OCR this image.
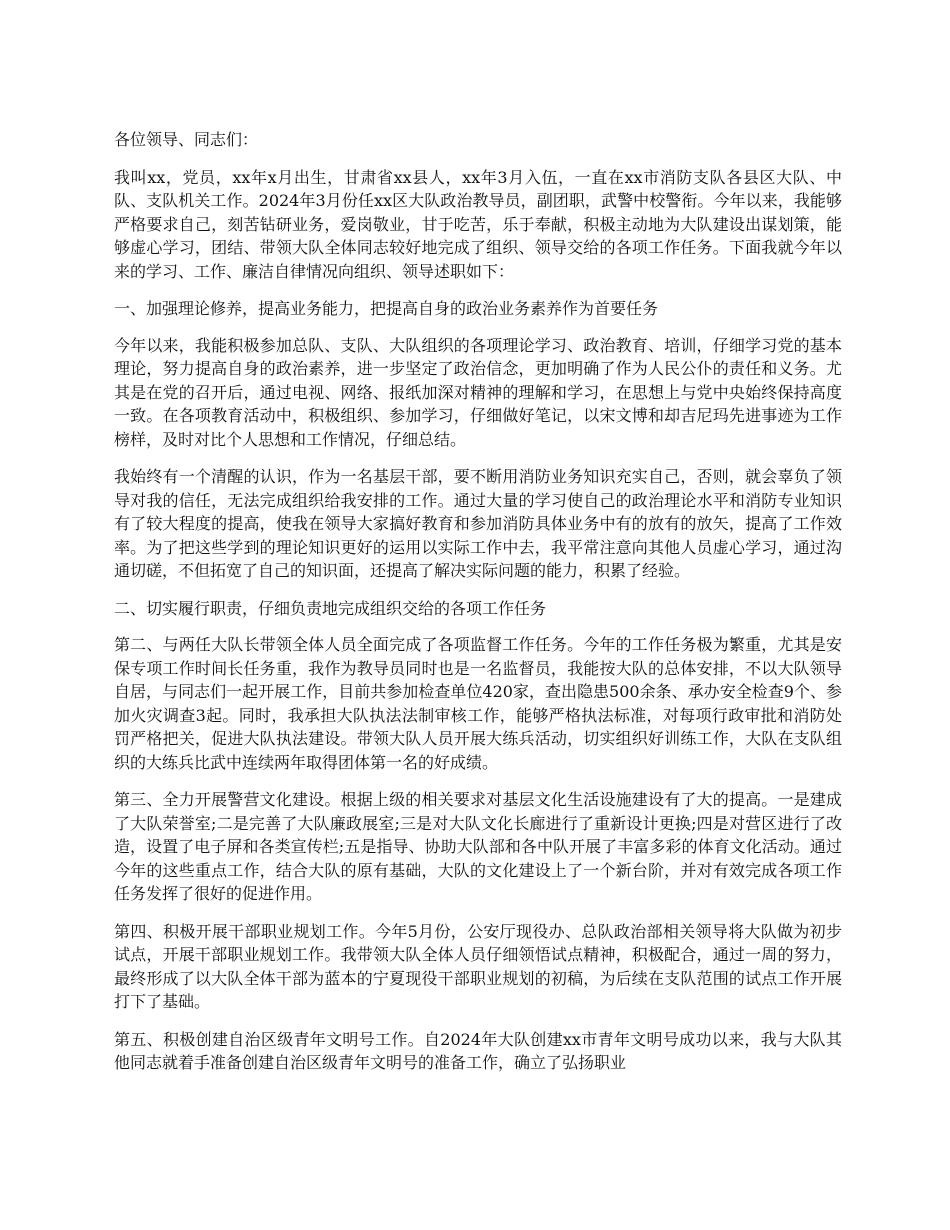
各位领导、同志们：

我叫xx，党员，xx年x月出生，甘肃省xx县人，xx年3月入伍，一直在xx市消防支队各县区大队、中队、支队机关工作。2024年3月份任xx区大队政治教导员，副团职，武警中校警衔。今年以来，我能够严格要求自己，刻苦钻研业务，爱岗敬业，甘于吃苦，乐于奉献，积极主动地为大队建设出谋划策，能够虚心学习，团结、带领大队全体同志较好地完成了组织、领导交给的各项工作任务。下面我就今年以来的学习、工作、廉洁自律情况向组织、领导述职如下：

一、加强理论修养，提高业务能力，把提高自身的政治业务素养作为首要任务

今年以来，我能积极参加总队、支队、大队组织的各项理论学习、政治教育、培训，仔细学习党的基本理论，努力提高自身的政治素养，进一步坚定了政治信念，更加明确了作为人民公仆的责任和义务。尤其是在党的召开后，通过电视、网络、报纸加深对精神的理解和学习，在思想上与党中央始终保持高度一致。在各项教育活动中，积极组织、参加学习，仔细做好笔记，以宋文博和却吉尼玛先进事迹为工作榜样，及时对比个人思想和工作情况，仔细总结。

我始终有一个清醒的认识，作为一名基层干部，要不断用消防业务知识充实自己，否则，就会辜负了领导对我的信任，无法完成组织给我安排的工作。通过大量的学习使自己的政治理论水平和消防专业知识有了较大程度的提高，使我在领导大家搞好教育和参加消防具体业务中有的放有的放矢，提高了工作效率。为了把这些学到的理论知识更好的运用以实际工作中去，我平常注意向其他人员虚心学习，通过沟通切磋，不但拓宽了自己的知识面，还提高了解决实际问题的能力，积累了经验。

二、切实履行职责，仔细负责地完成组织交给的各项工作任务

第二、与两任大队长带领全体人员全面完成了各项监督工作任务。今年的工作任务极为繁重，尤其是安保专项工作时间长任务重，我作为教导员同时也是一名监督员，我能按大队的总体安排，不以大队领导自居，与同志们一起开展工作，目前共参加检查单位420家，查出隐患500余条、承办安全检查9个、参加火灾调查3起。同时，我承担大队执法法制审核工作，能够严格执法标准，对每项行政审批和消防处罚严格把关，促进大队执法建设。带领大队人员开展大练兵活动，切实组织好训练工作，大队在支队组织的大练兵比武中连续两年取得团体第一名的好成绩。

第三、全力开展警营文化建设。根据上级的相关要求对基层文化生活设施建设有了大的提高。一是建成了大队荣誉室;二是完善了大队廉政展室;三是对大队文化长廊进行了重新设计更换;四是对营区进行了改造，设置了电子屏和各类宣传栏;五是指导、协助大队部和各中队开展了丰富多彩的体育文化活动。通过今年的这些重点工作，结合大队的原有基础，大队的文化建设上了一个新台阶，并对有效完成各项工作任务发挥了很好的促进作用。

第四、积极开展干部职业规划工作。今年5月份，公安厅现役办、总队政治部相关领导将大队做为初步试点，开展干部职业规划工作。我带领大队全体人员仔细领悟试点精神，积极配合，通过一周的努力，最终形成了以大队全体干部为蓝本的宁夏现役干部职业规划的初稿，为后续在支队范围的试点工作开展打下了基础。

第五、积极创建自治区级青年文明号工作。自2024年大队创建xx市青年文明号成功以来，我与大队其他同志就着手准备创建自治区级青年文明号的准备工作，确立了弘扬职业
